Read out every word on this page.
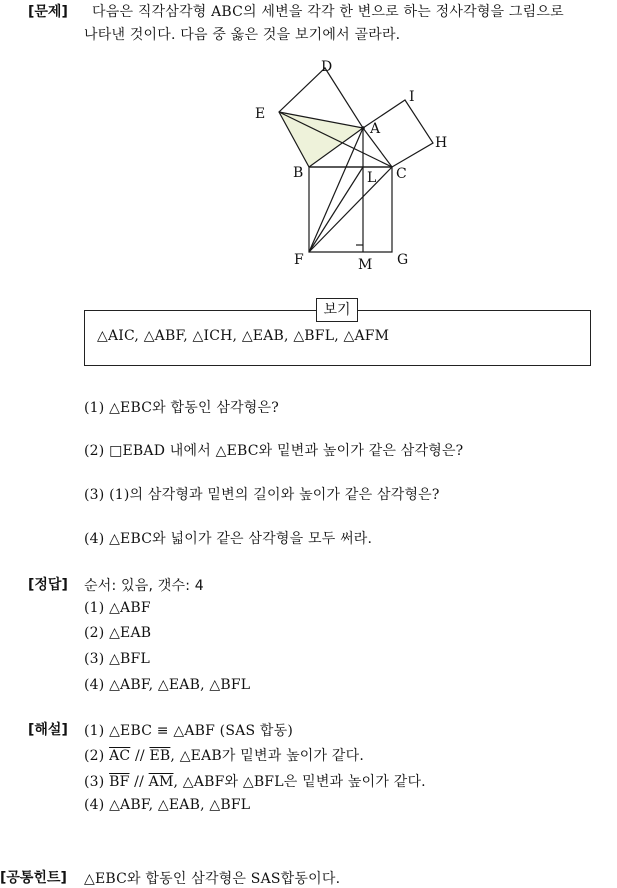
[문제] 다음은 직각삼각형 ABC의 세변을 각각 한 변으로 하는 정사각형을 그림으로
나타낸 것이다. 다음 중 옳은 것을 보기에서 골라라.
D
E
A
I
H
B	L C
F	M G
보기
△AIC, △ABF, △ICH, △EAB, △BFL, △AFM
(1) △EBC와 합동인 삼각형은?
(2) □EBAD 내에서 △EBC와 밑변과 높이가 같은 삼각형은?
(3) (1)의 삼각형과 밑변의 길이와 높이가 같은 삼각형은?
(4) △EBC와 넓이가 같은 삼각형을 모두 써라.
[정답] 순서: 있음, 갯수: 4
(1) △ABF
(2) △EAB
(3) △BFL
(4) △ABF, △EAB, △BFL
[해설] (1) △EBC ≡ △ABF (SAS 합동)
(2) $\overline{AC} // \overline{EB}$, △EAB가 밑변과 높이가 같다.
(3) $\overline{BF} // \overline{AM}$, △ABF와 △BFL은 밑변과 높이가 같다.
(4) △ABF, △EAB, △BFL
[공통힌트] △EBC와 합동인 삼각형은 SAS합동이다.
